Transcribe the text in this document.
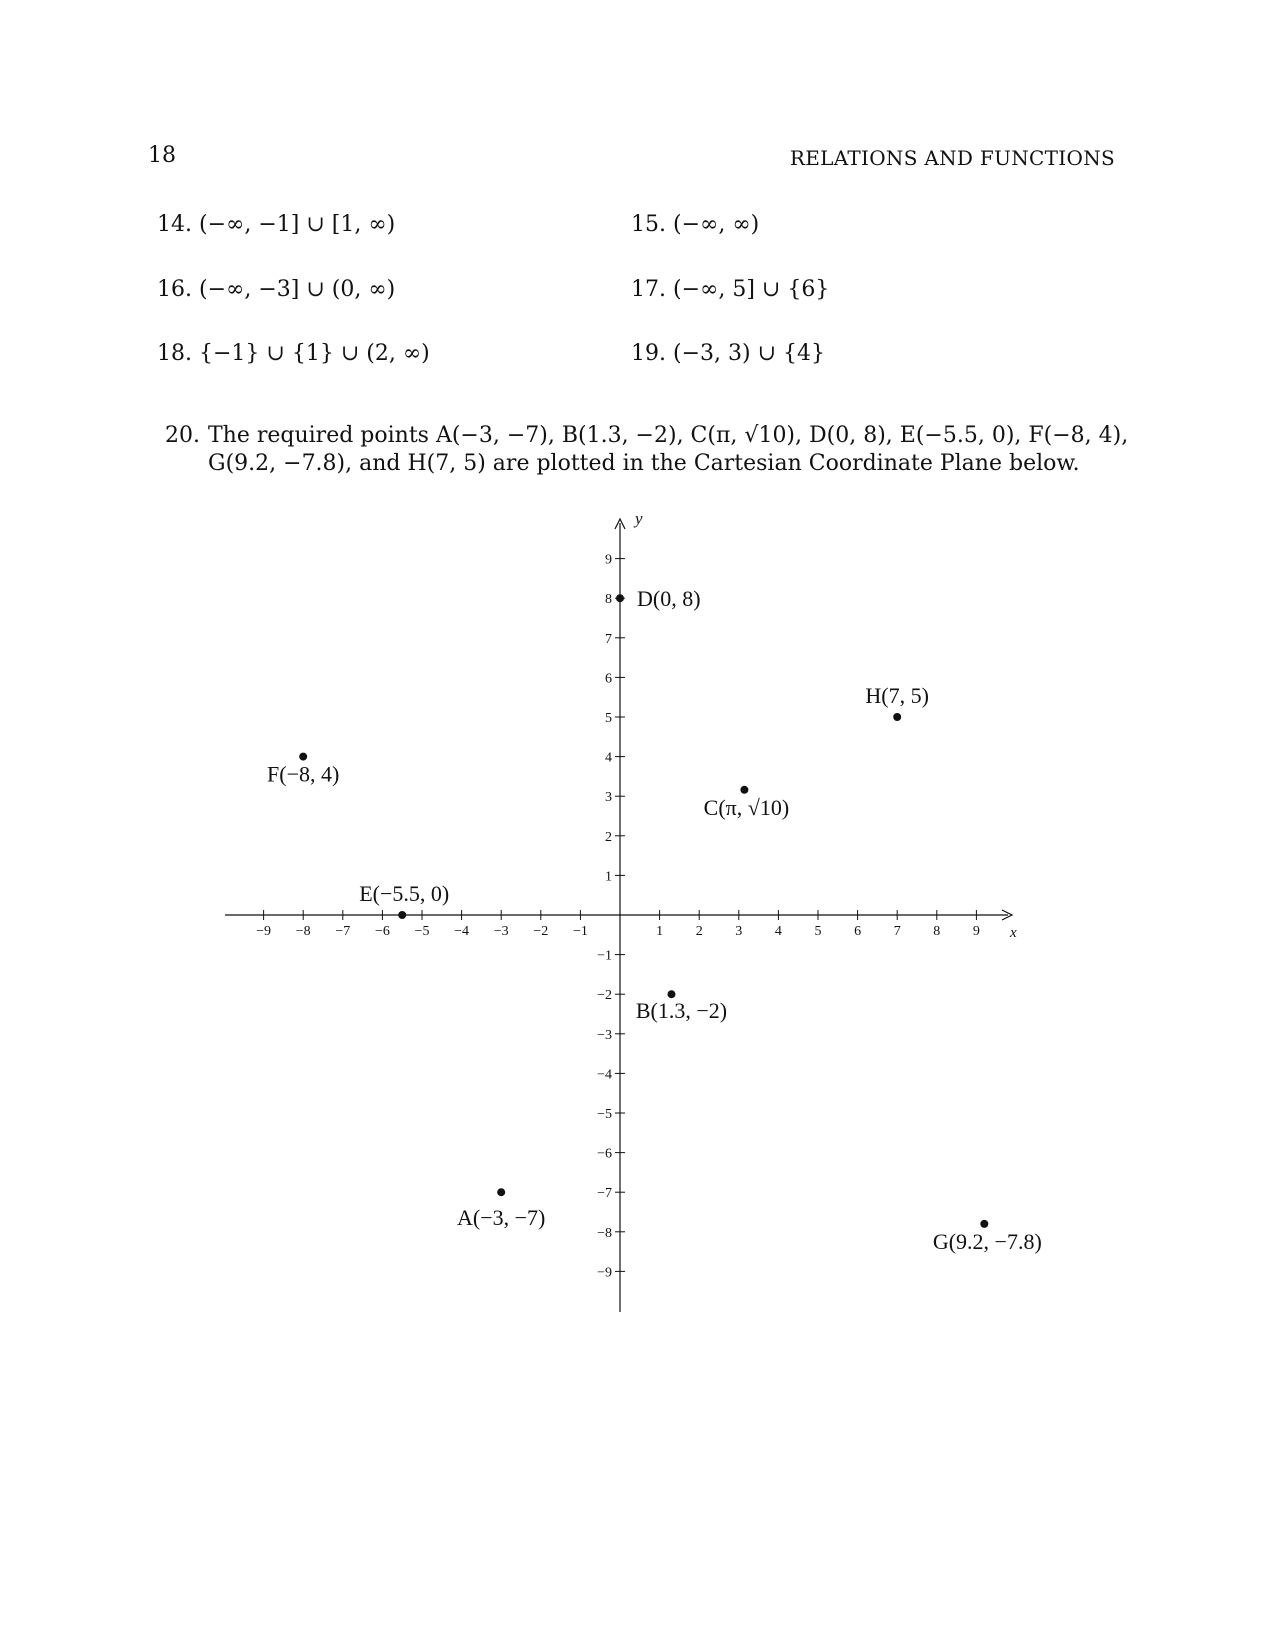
18	RELATIONS AND FUNCTIONS
14. (−∞, −1] ∪ [1, ∞)	15. (−∞, ∞)
16. (−∞, −3] ∪ (0, ∞)	17. (−∞, 5] ∪ {6}
18. {−1} ∪ {1} ∪ (2, ∞)	19. (−3, 3) ∪ {4}
20. The required points A(−3, −7), B(1.3, −2), C(π, √10), D(0, 8), E(−5.5, 0), F(−8, 4),
G(9.2, −7.8), and H(7, 5) are plotted in the Cartesian Coordinate Plane below.
x
y
−9 −8 −7 −6 −5 −4 −3 −2 −1	1 2 3 4 5 6 7 8 9
9
8
7
6
5
4
3
2
1
−1
−2
−3
−4
−5
−6
−7
−8
−9
A(−3, −7)
B(1.3, −2)
C(π, √10)
D(0, 8)
E(−5.5, 0)
F(−8, 4)
G(9.2, −7.8)
H(7, 5)
